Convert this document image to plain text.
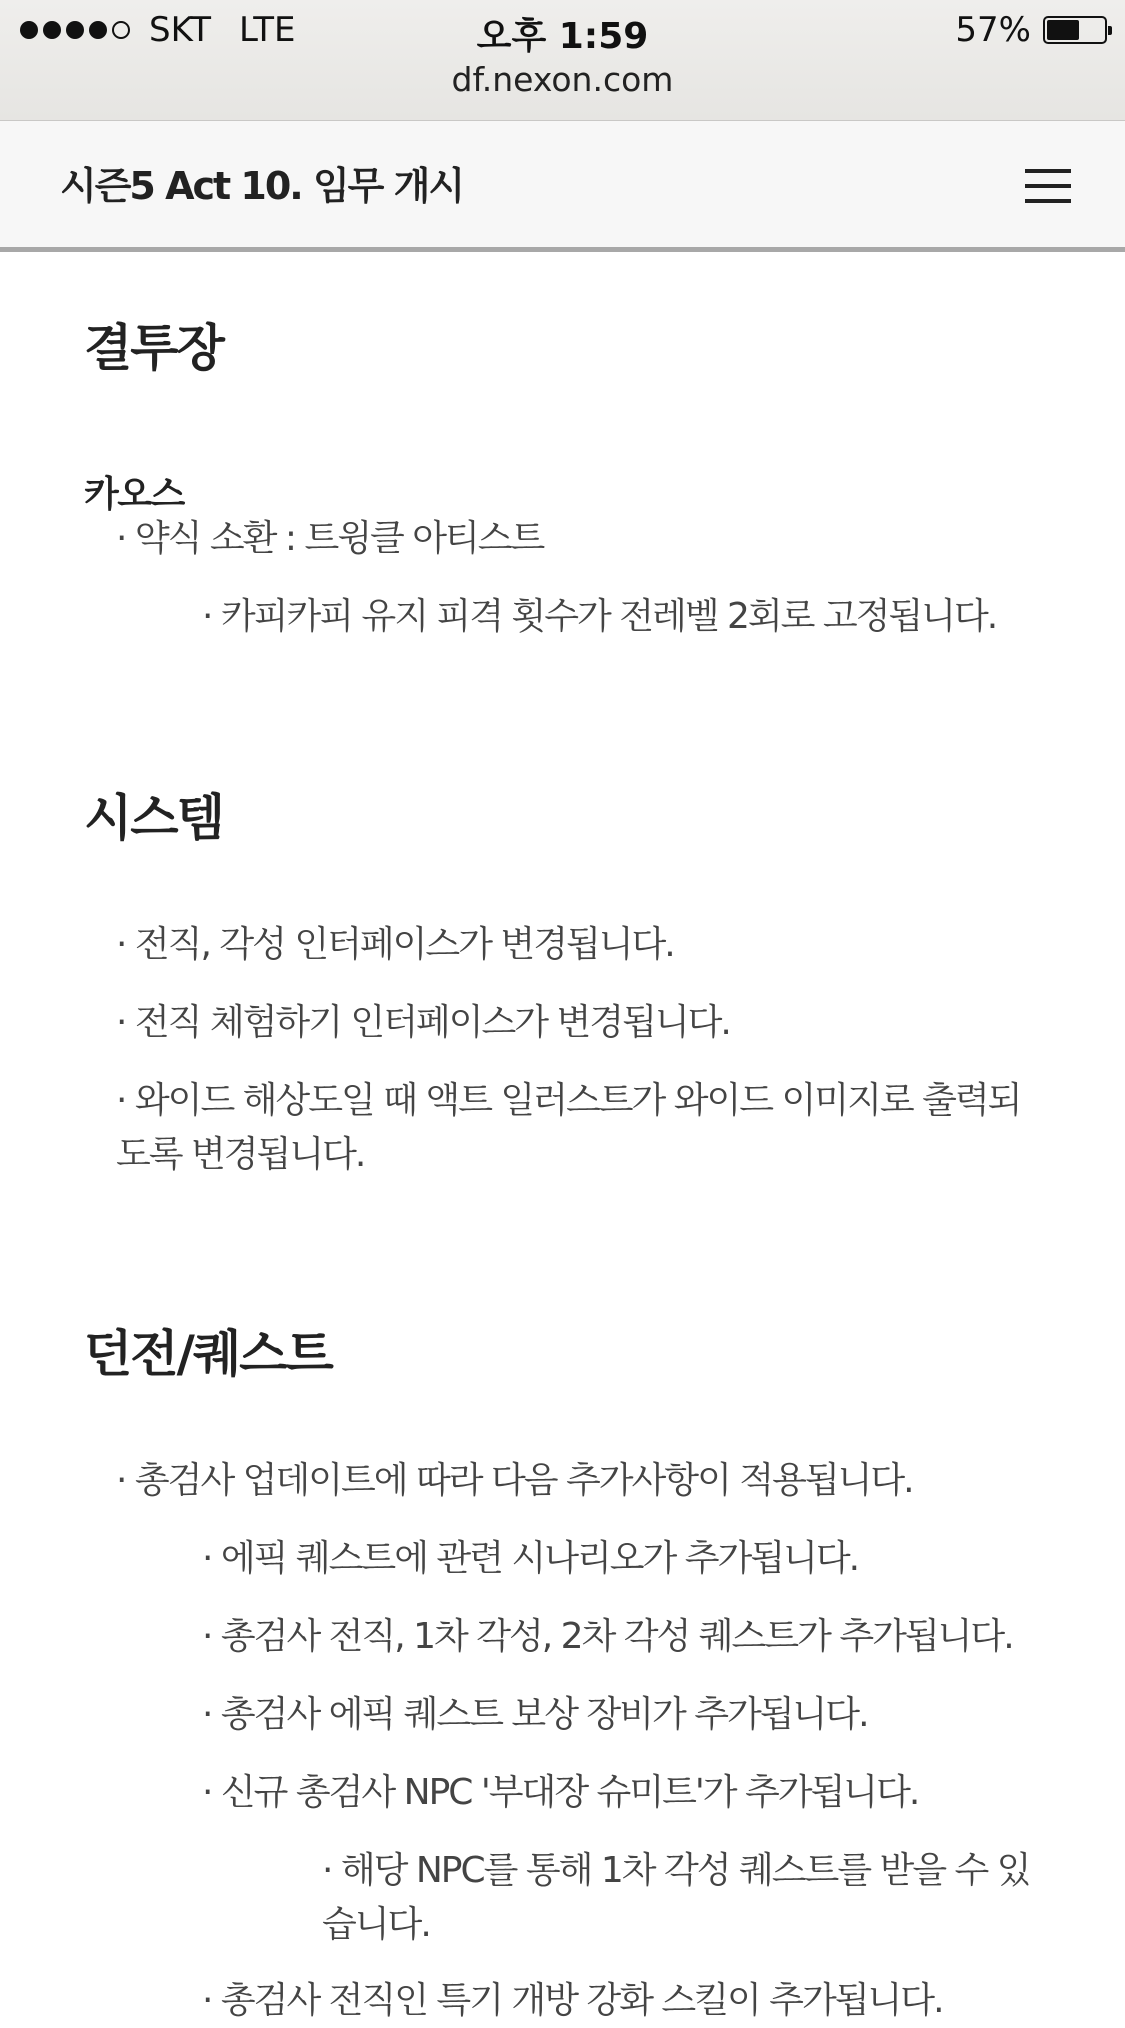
SKT LTE	오후 1:59	57%
df.nexon.com
시즌5 Act 10. 임무 개시
결투장
카오스

· 약식 소환 : 트윙클 아티스트

· 카피카피 유지 피격 횟수가 전레벨 2회로 고정됩니다.

시스템

· 전직, 각성 인터페이스가 변경됩니다.

· 전직 체험하기 인터페이스가 변경됩니다.

· 와이드 해상도일 때 액트 일러스트가 와이드 이미지로 출력되도록 변경됩니다.

던전/퀘스트

· 총검사 업데이트에 따라 다음 추가사항이 적용됩니다.

· 에픽 퀘스트에 관련 시나리오가 추가됩니다.

· 총검사 전직, 1차 각성, 2차 각성 퀘스트가 추가됩니다.

· 총검사 에픽 퀘스트 보상 장비가 추가됩니다.

· 신규 총검사 NPC '부대장 슈미트'가 추가됩니다.

· 해당 NPC를 통해 1차 각성 퀘스트를 받을 수 있습니다.

· 총검사 전직인 특기 개방 강화 스킬이 추가됩니다.
